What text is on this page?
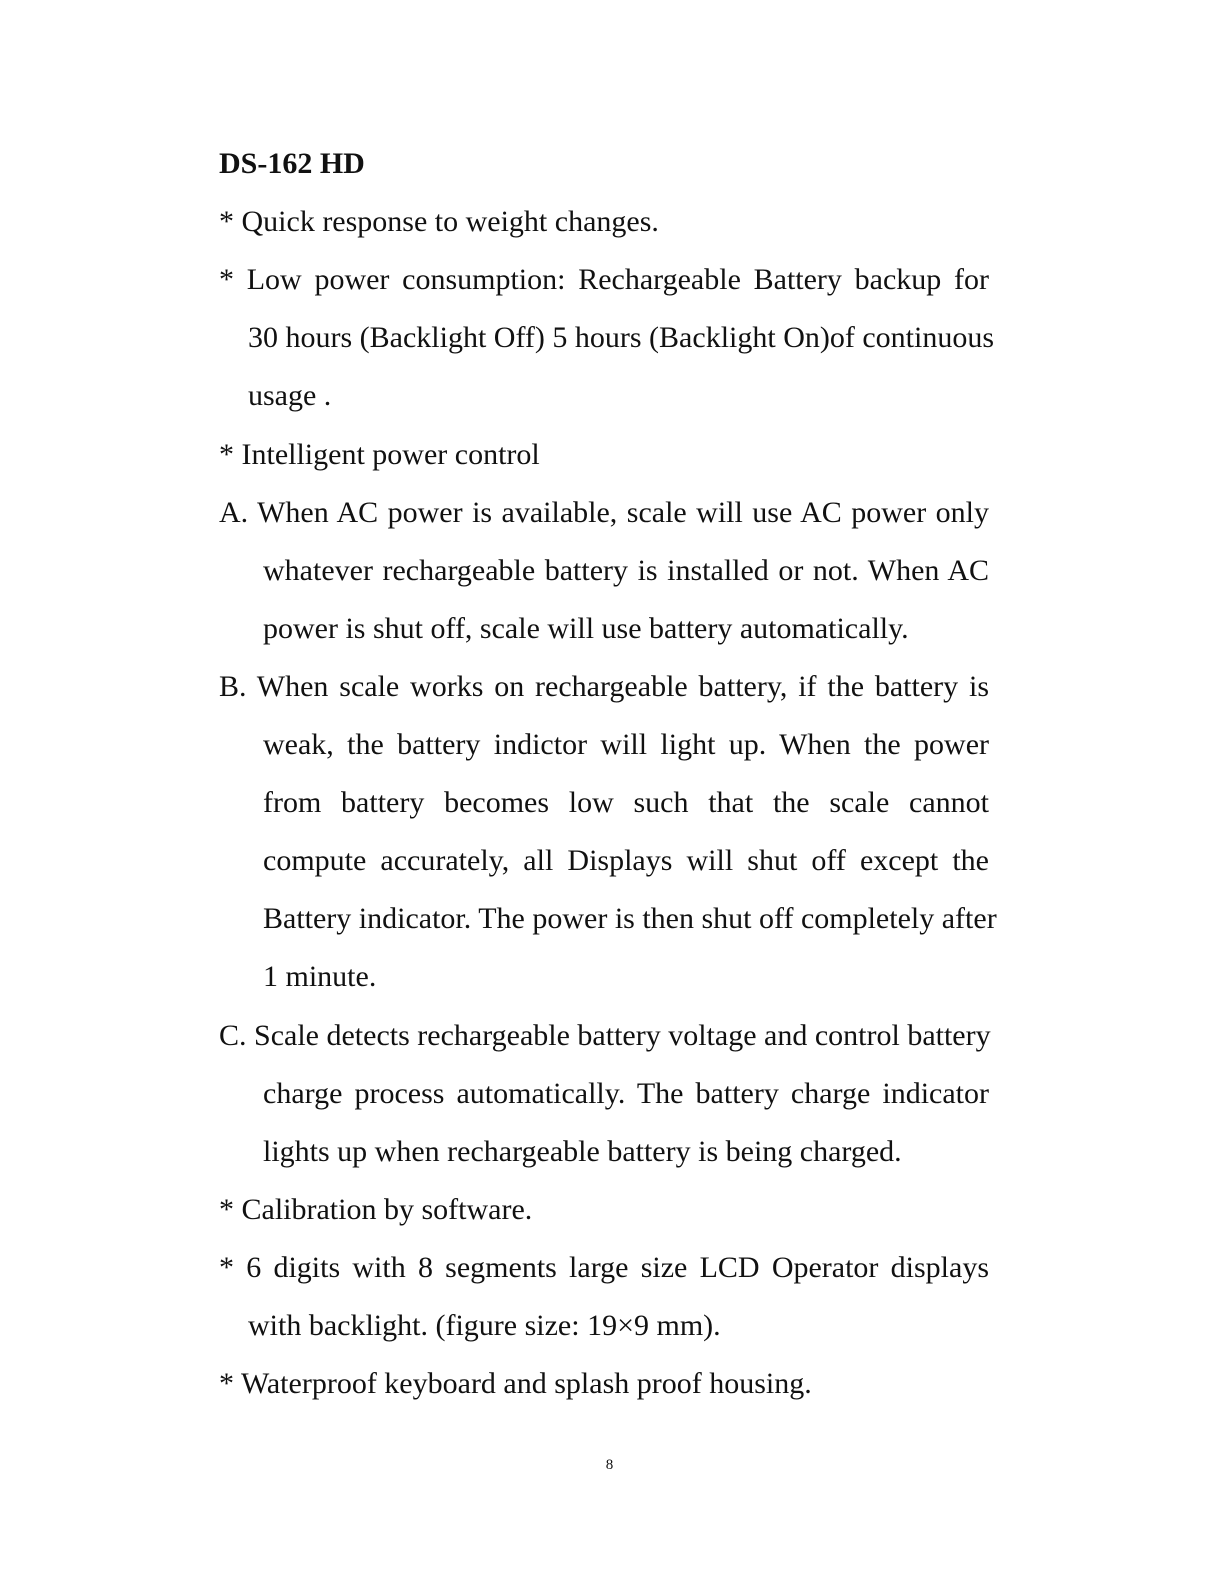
DS-162 HD
* Quick response to weight changes.
* Low power consumption: Rechargeable Battery backup for
30 hours (Backlight Off) 5 hours (Backlight On)of continuous
usage .
* Intelligent power control
A. When AC power is available, scale will use AC power only
whatever rechargeable battery is installed or not. When AC
power is shut off, scale will use battery automatically.
B. When scale works on rechargeable battery, if the battery is
weak, the battery indictor will light up. When the power
from battery becomes low such that the scale cannot
compute accurately, all Displays will shut off except the
Battery indicator. The power is then shut off completely after
1 minute.
C. Scale detects rechargeable battery voltage and control battery
charge process automatically. The battery charge indicator
lights up when rechargeable battery is being charged.
* Calibration by software.
* 6 digits with 8 segments large size LCD Operator displays
with backlight. (figure size: 19×9 mm).
* Waterproof keyboard and splash proof housing.
8
